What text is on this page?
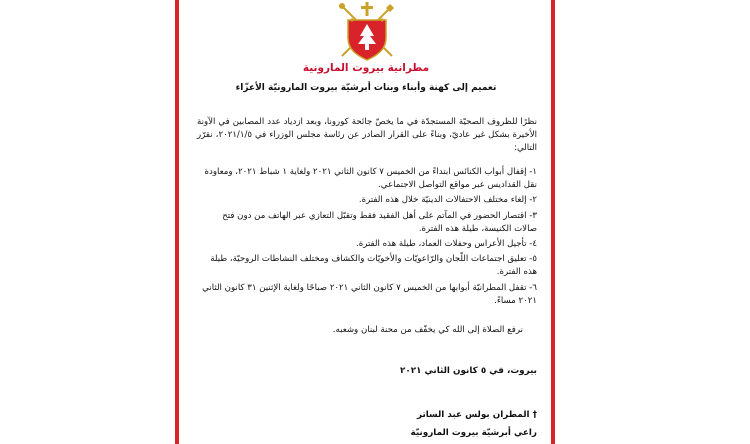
مطرانية بيروت المارونية
تعميم إلى كهنة وأبناء وبنات أبرشيّة بيروت المارونيّة الأعزّاء
نظرًا للظروف الصحيّة المستجدّة في ما يخصّ جائحة كورونا، وبعد ازدياد عدد المصابين في الآونة الأخيرة بشكل غير عاديّ، وبناءً على القرار الصادر عن رئاسة مجلس الوزراء في ٢٠٢١/١/٥، نقرّر التالي:
١- إقفال أبواب الكنائس ابتداءً من الخميس ٧ كانون الثاني ٢٠٢١ ولغاية ١ شباط ٢٠٢١، ومعاودة نقل القداديس عبر مواقع التواصل الاجتماعي.
٢- إلغاء مختلف الاحتفالات الدينيّة خلال هذه الفترة.
٣- اقتصار الحضور في المآتم على أهل الفقيد فقط وتقبّل التعازي عبر الهاتف من دون فتح صالات الكنيسة، طيلة هذه الفترة.
٤- تأجيل الأعراس وحفلات العماد، طيلة هذه الفترة.
٥- تعليق اجتماعات اللّجان والرّاعويّات والأخويّات والكشاف ومختلف النشاطات الروحيّة، طيلة هذه الفترة.
٦- تقفل المطرانيّة أبوابها من الخميس ٧ كانون الثاني ٢٠٢١ صباحًا ولغاية الإثنين ٣١ كانون الثاني ٢٠٢١ مساءً.
نرفع الصلاة إلى الله كي يخفّف من محنة لبنان وشعبه.
بيروت، في ٥ كانون الثاني ٢٠٢١
† المطران بولس عبد الساتر
راعي أبرشيّة بيروت المارونيّة
